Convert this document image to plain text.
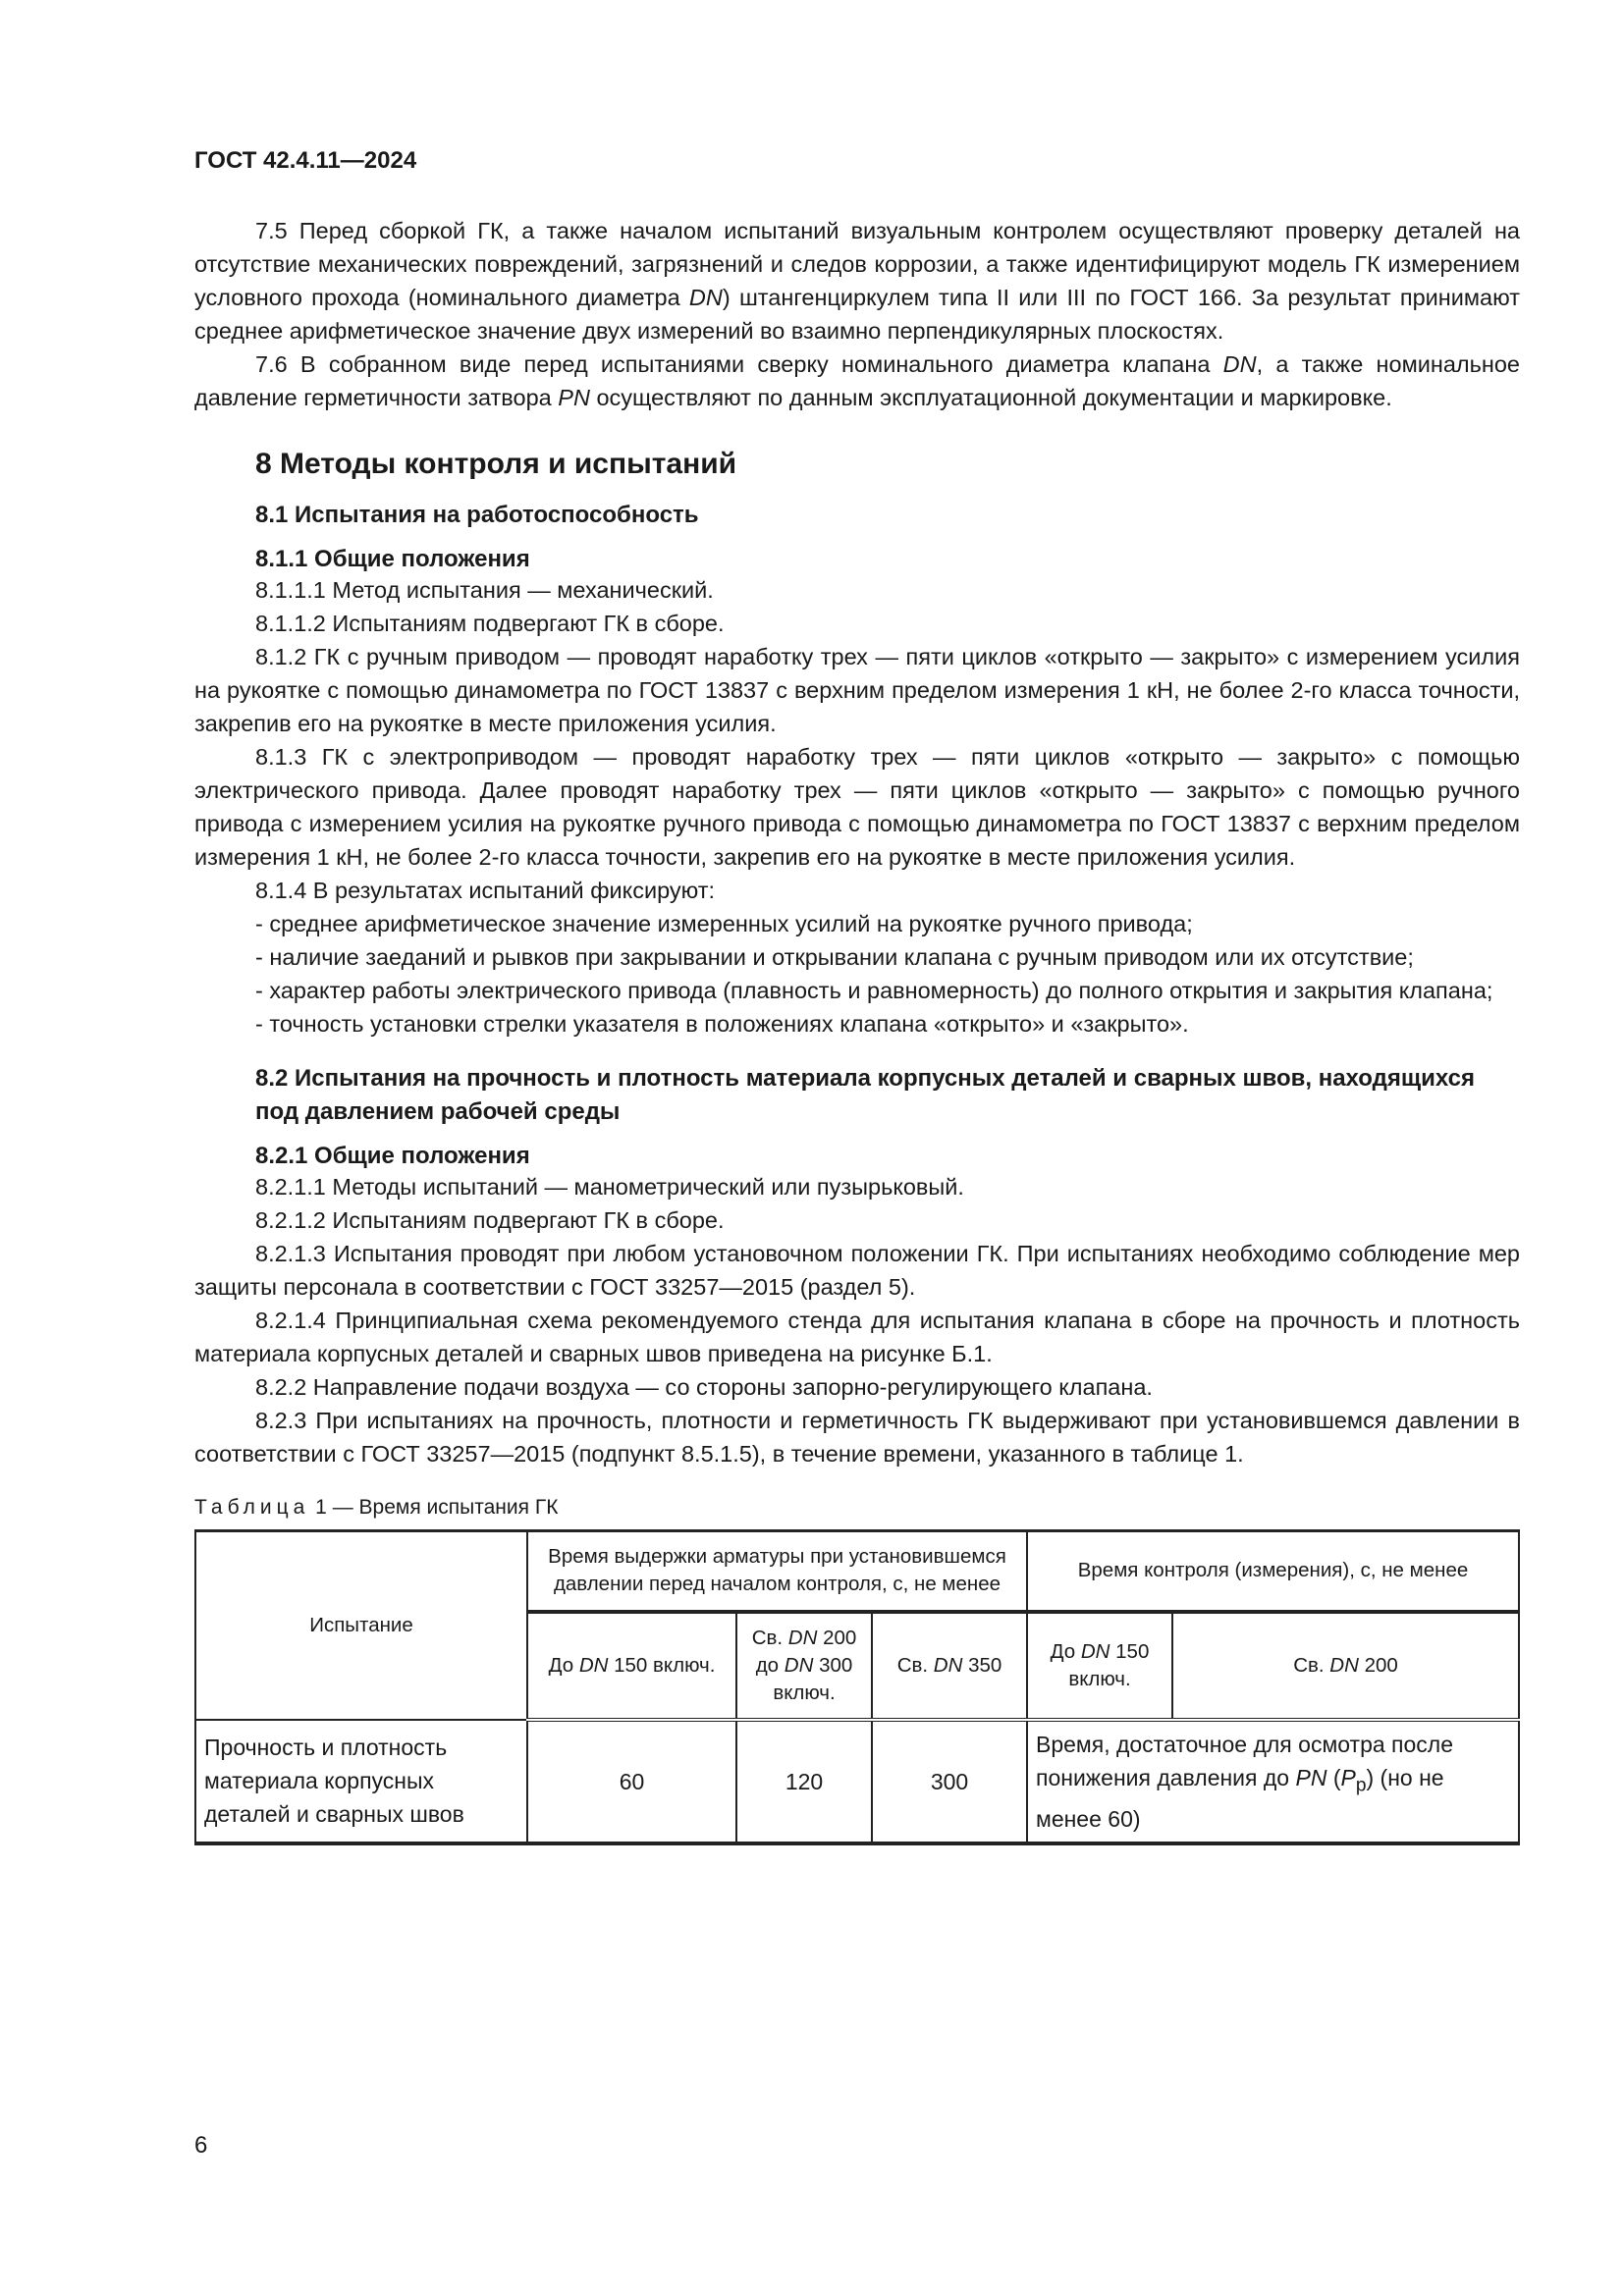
ГОСТ 42.4.11—2024

7.5 Перед сборкой ГК, а также началом испытаний визуальным контролем осуществляют проверку деталей на отсутствие механических повреждений, загрязнений и следов коррозии, а также идентифицируют модель ГК измерением условного прохода (номинального диаметра DN) штангенциркулем типа II или III по ГОСТ 166. За результат принимают среднее арифметическое значение двух измерений во взаимно перпендикулярных плоскостях.

7.6 В собранном виде перед испытаниями сверку номинального диаметра клапана DN, а также номинальное давление герметичности затвора PN осуществляют по данным эксплуатационной документации и маркировке.

8 Методы контроля и испытаний
8.1 Испытания на работоспособность
8.1.1 Общие положения

8.1.1.1 Метод испытания — механический.

8.1.1.2 Испытаниям подвергают ГК в сборе.

8.1.2 ГК с ручным приводом — проводят наработку трех — пяти циклов «открыто — закрыто» с измерением усилия на рукоятке с помощью динамометра по ГОСТ 13837 с верхним пределом измерения 1 кН, не более 2-го класса точности, закрепив его на рукоятке в месте приложения усилия.

8.1.3 ГК с электроприводом — проводят наработку трех — пяти циклов «открыто — закрыто» с помощью электрического привода. Далее проводят наработку трех — пяти циклов «открыто — закрыто» с помощью ручного привода с измерением усилия на рукоятке ручного привода с помощью динамометра по ГОСТ 13837 с верхним пределом измерения 1 кН, не более 2-го класса точности, закрепив его на рукоятке в месте приложения усилия.

8.1.4 В результатах испытаний фиксируют:

- среднее арифметическое значение измеренных усилий на рукоятке ручного привода;

- наличие заеданий и рывков при закрывании и открывании клапана с ручным приводом или их отсутствие;

- характер работы электрического привода (плавность и равномерность) до полного открытия и закрытия клапана;

- точность установки стрелки указателя в положениях клапана «открыто» и «закрыто».

8.2 Испытания на прочность и плотность материала корпусных деталей и сварных швов, находящихся под давлением рабочей среды
8.2.1 Общие положения

8.2.1.1 Методы испытаний — манометрический или пузырьковый.

8.2.1.2 Испытаниям подвергают ГК в сборе.

8.2.1.3 Испытания проводят при любом установочном положении ГК. При испытаниях необходимо соблюдение мер защиты персонала в соответствии с ГОСТ 33257—2015 (раздел 5).

8.2.1.4 Принципиальная схема рекомендуемого стенда для испытания клапана в сборе на прочность и плотность материала корпусных деталей и сварных швов приведена на рисунке Б.1.

8.2.2 Направление подачи воздуха — со стороны запорно-регулирующего клапана.

8.2.3 При испытаниях на прочность, плотности и герметичность ГК выдерживают при установившемся давлении в соответствии с ГОСТ 33257—2015 (подпункт 8.5.1.5), в течение времени, указанного в таблице 1.

Таблица 1 — Время испытания ГК
Испытание	Время выдержки арматуры при установившемся давлении перед началом контроля, с, не менее			Время контроля (измерения), с, не менее	
	До DN 150 включ.	Св. DN 200 до DN 300 включ.	Св. DN 350	До DN 150 включ.	Св. DN 200
Прочность и плотность материала корпусных деталей и сварных швов	60	120	300	Время, достаточное для осмотра после понижения давления до PN $(P_p)$ (но не менее 60)	
6
